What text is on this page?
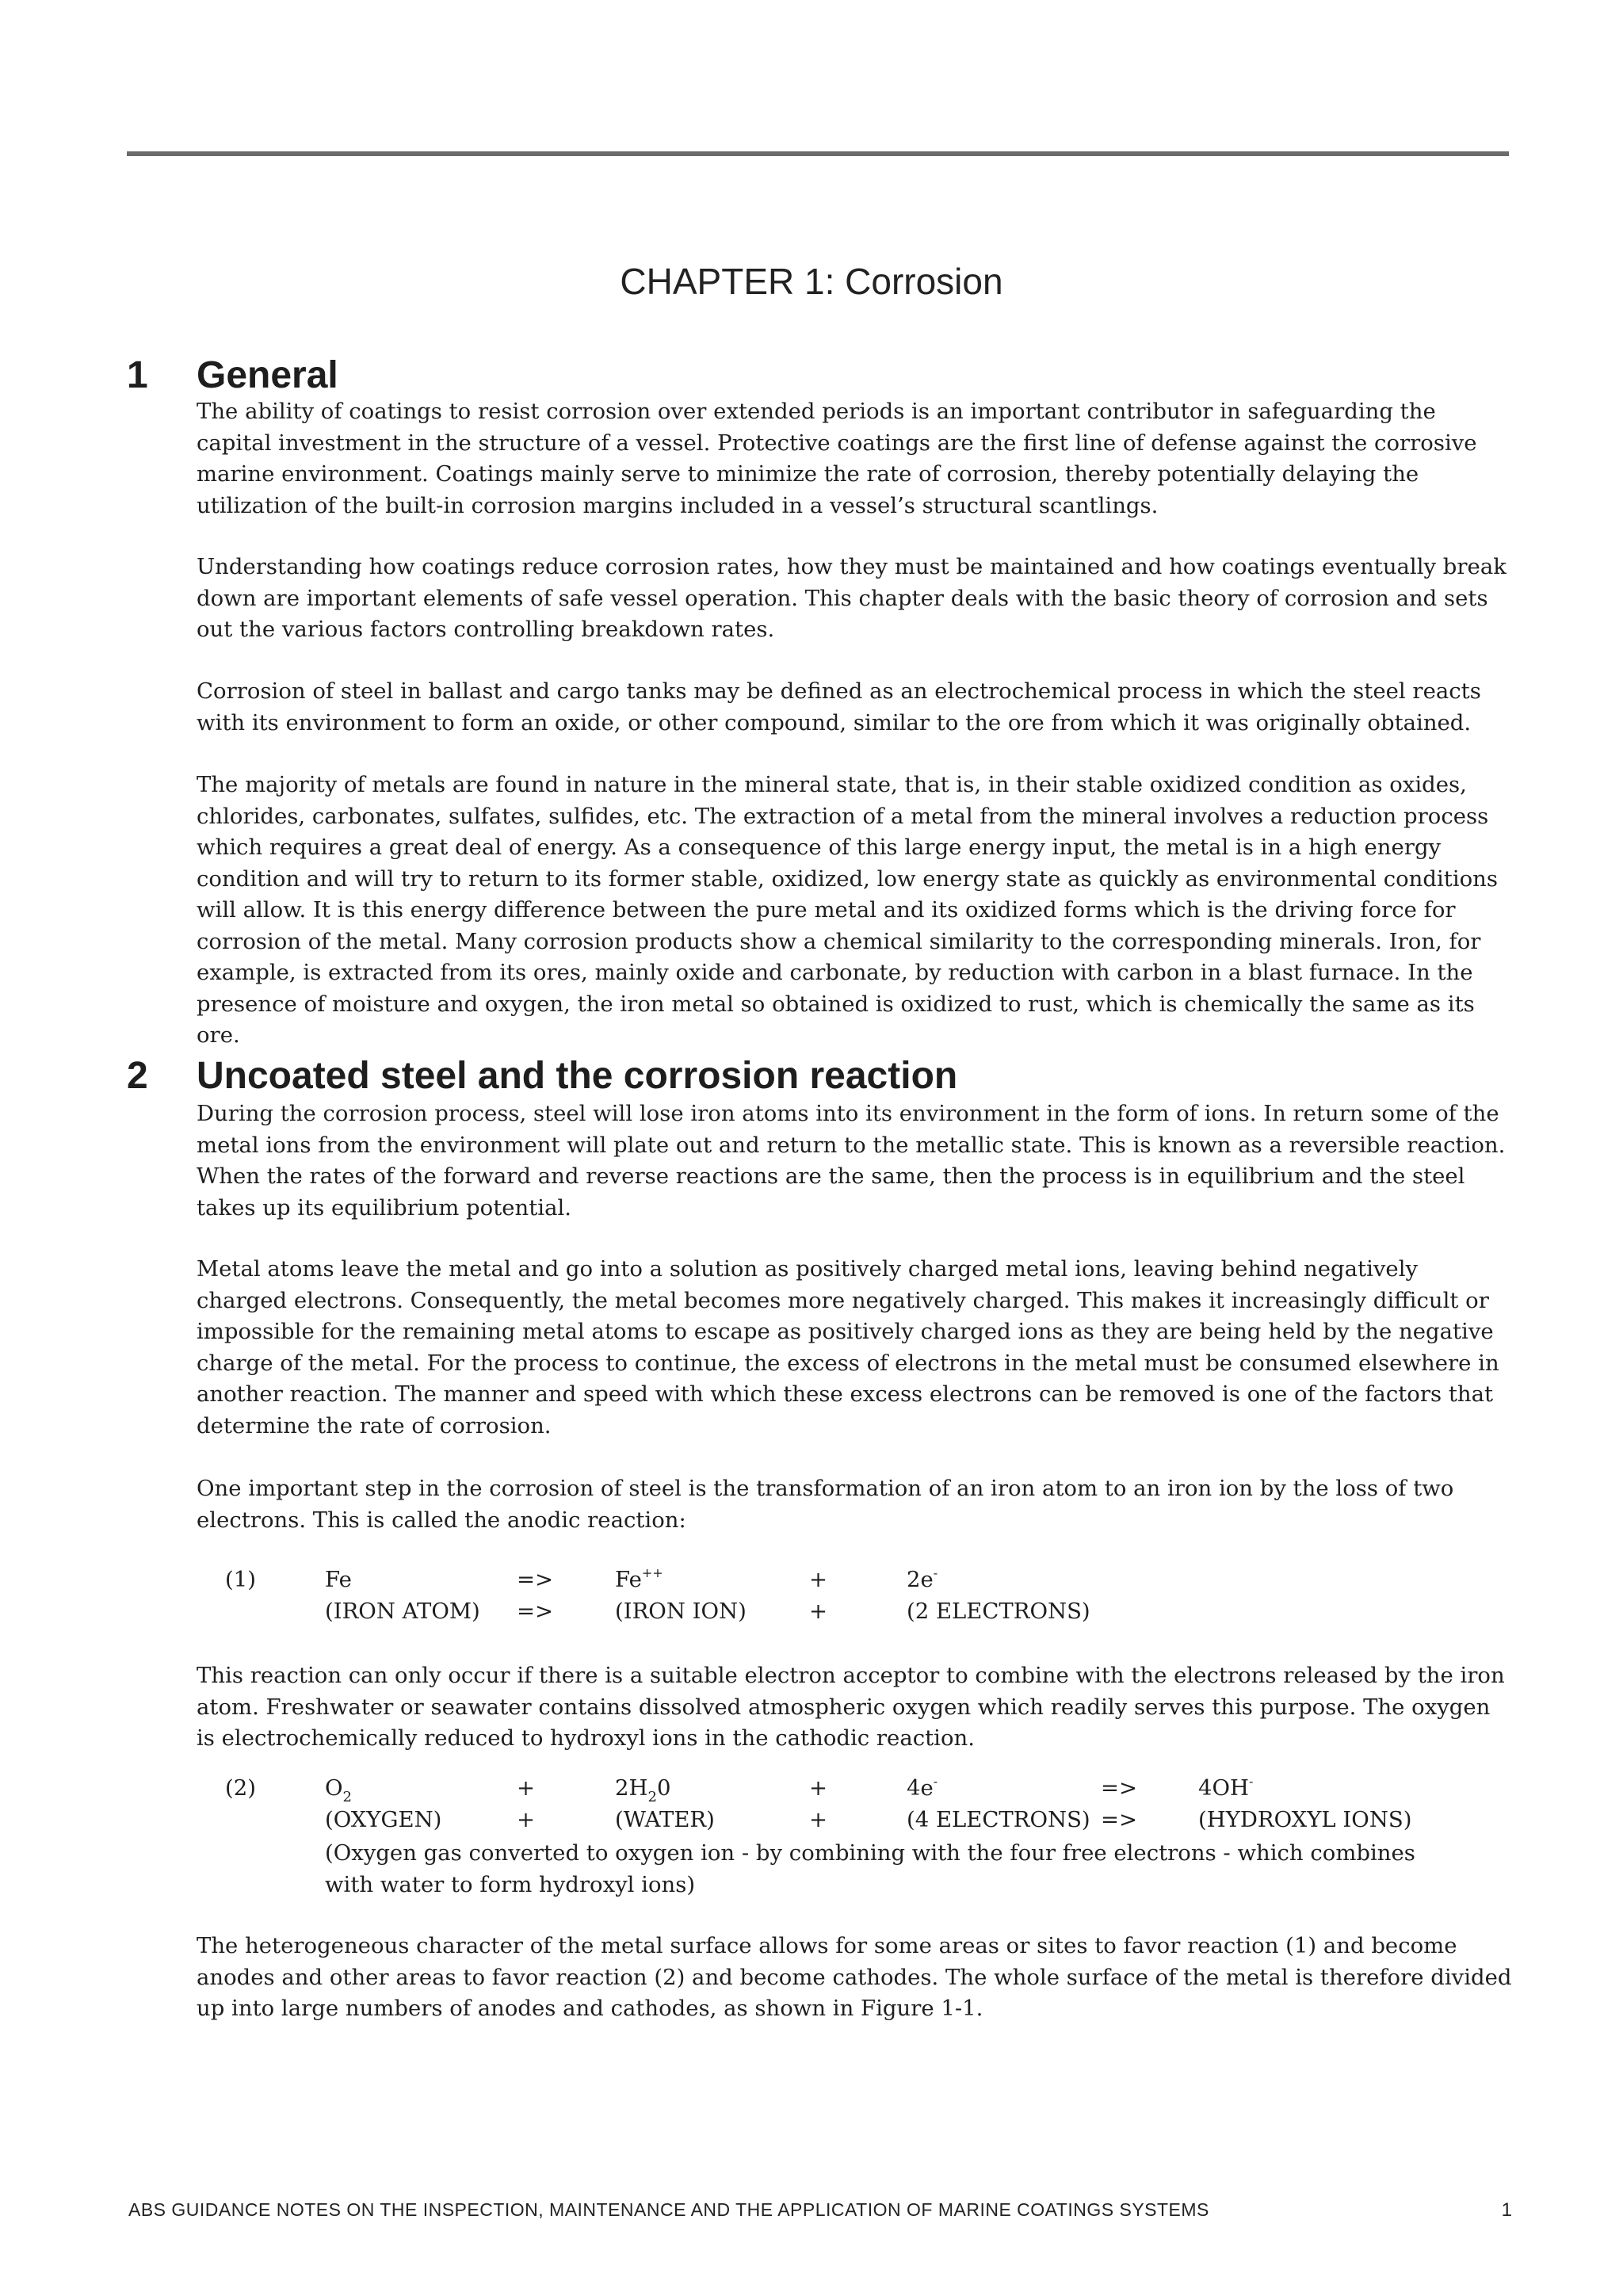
CHAPTER 1: Corrosion
1 General

The ability of coatings to resist corrosion over extended periods is an important contributor in safeguarding the capital investment in the structure of a vessel. Protective coatings are the first line of defense against the corrosive marine environment. Coatings mainly serve to minimize the rate of corrosion, thereby potentially delaying the utilization of the built-in corrosion margins included in a vessel’s structural scantlings.

Understanding how coatings reduce corrosion rates, how they must be maintained and how coatings eventually break down are important elements of safe vessel operation. This chapter deals with the basic theory of corrosion and sets out the various factors controlling breakdown rates.

Corrosion of steel in ballast and cargo tanks may be defined as an electrochemical process in which the steel reacts with its environment to form an oxide, or other compound, similar to the ore from which it was originally obtained.

The majority of metals are found in nature in the mineral state, that is, in their stable oxidized condition as oxides, chlorides, carbonates, sulfates, sulfides, etc. The extraction of a metal from the mineral involves a reduction process which requires a great deal of energy. As a consequence of this large energy input, the metal is in a high energy condition and will try to return to its former stable, oxidized, low energy state as quickly as environmental conditions will allow. It is this energy difference between the pure metal and its oxidized forms which is the driving force for corrosion of the metal. Many corrosion products show a chemical similarity to the corresponding minerals. Iron, for example, is extracted from its ores, mainly oxide and carbonate, by reduction with carbon in a blast furnace. In the presence of moisture and oxygen, the iron metal so obtained is oxidized to rust, which is chemically the same as its ore.

2 Uncoated steel and the corrosion reaction

During the corrosion process, steel will lose iron atoms into its environment in the form of ions. In return some of the metal ions from the environment will plate out and return to the metallic state. This is known as a reversible reaction. When the rates of the forward and reverse reactions are the same, then the process is in equilibrium and the steel takes up its equilibrium potential.

Metal atoms leave the metal and go into a solution as positively charged metal ions, leaving behind negatively charged electrons. Consequently, the metal becomes more negatively charged. This makes it increasingly difficult or impossible for the remaining metal atoms to escape as positively charged ions as they are being held by the negative charge of the metal. For the process to continue, the excess of electrons in the metal must be consumed elsewhere in another reaction. The manner and speed with which these excess electrons can be removed is one of the factors that determine the rate of corrosion.

One important step in the corrosion of steel is the transformation of an iron atom to an iron ion by the loss of two electrons. This is called the anodic reaction:

(1)	Fe	=>	Fe++	+	2e-
(IRON ATOM) =>	(IRON ION)	+	(2 ELECTRONS)

This reaction can only occur if there is a suitable electron acceptor to combine with the electrons released by the iron atom. Freshwater or seawater contains dissolved atmospheric oxygen which readily serves this purpose. The oxygen is electrochemically reduced to hydroxyl ions in the cathodic reaction.

(2)	$O_2$	+	$2H_20$	+	4e-	=>	4OH-
(OXYGEN)	+	(WATER)	+	(4 ELECTRONS) =>	(HYDROXYL IONS)
(Oxygen gas converted to oxygen ion - by combining with the four free electrons - which combines with water to form hydroxyl ions)

The heterogeneous character of the metal surface allows for some areas or sites to favor reaction (1) and become anodes and other areas to favor reaction (2) and become cathodes. The whole surface of the metal is therefore divided up into large numbers of anodes and cathodes, as shown in Figure 1-1.

ABS GUIDANCE NOTES ON THE INSPECTION, MAINTENANCE AND THE APPLICATION OF MARINE COATINGS SYSTEMS	1
